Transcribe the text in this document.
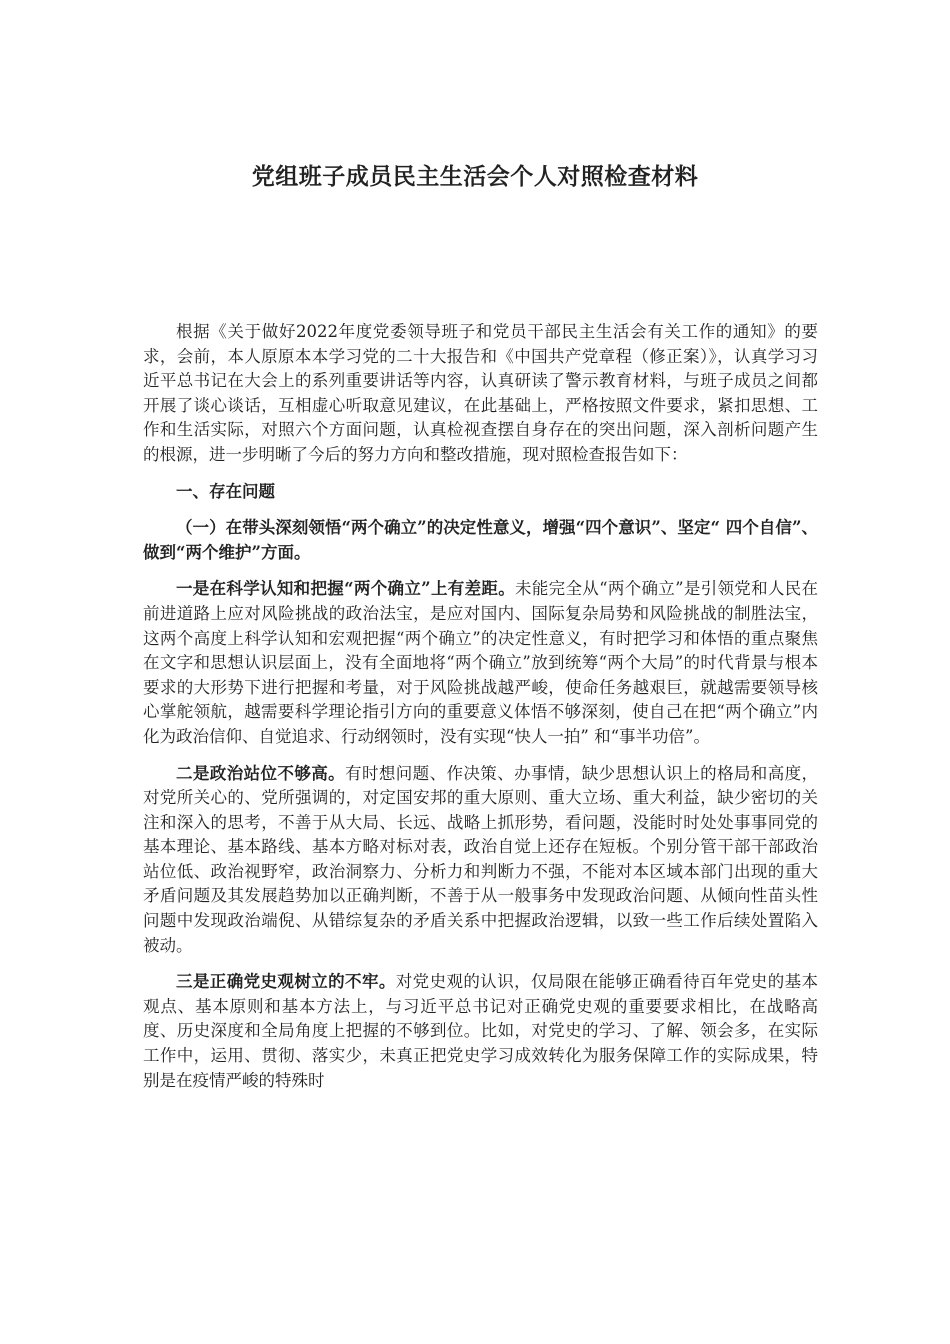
党组班子成员民主生活会个人对照检查材料

根据《关于做好2022年度党委领导班子和党员干部民主生活会有关工作的通知》的要求，会前，本人原原本本学习党的二十大报告和《中国共产党章程（修正案）》，认真学习习近平总书记在大会上的系列重要讲话等内容，认真研读了警示教育材料，与班子成员之间都开展了谈心谈话，互相虚心听取意见建议，在此基础上，严格按照文件要求，紧扣思想、工作和生活实际，对照六个方面问题，认真检视查摆自身存在的突出问题，深入剖析问题产生的根源，进一步明晰了今后的努力方向和整改措施，现对照检查报告如下：

一、存在问题

（一）在带头深刻领悟“两个确立”的决定性意义，增强“四个意识”、坚定“ 四个自信”、做到“两个维护”方面。

一是在科学认知和把握“两个确立”上有差距。未能完全从“两个确立”是引领党和人民在前进道路上应对风险挑战的政治法宝，是应对国内、国际复杂局势和风险挑战的制胜法宝，这两个高度上科学认知和宏观把握“两个确立”的决定性意义，有时把学习和体悟的重点聚焦在文字和思想认识层面上，没有全面地将“两个确立”放到统筹“两个大局”的时代背景与根本要求的大形势下进行把握和考量，对于风险挑战越严峻，使命任务越艰巨，就越需要领导核心掌舵领航，越需要科学理论指引方向的重要意义体悟不够深刻，使自己在把“两个确立”内化为政治信仰、自觉追求、行动纲领时，没有实现“快人一拍” 和“事半功倍”。

二是政治站位不够高。有时想问题、作决策、办事情，缺少思想认识上的格局和高度，对党所关心的、党所强调的，对定国安邦的重大原则、重大立场、重大利益，缺少密切的关注和深入的思考，不善于从大局、长远、战略上抓形势，看问题，没能时时处处事事同党的基本理论、基本路线、基本方略对标对表，政治自觉上还存在短板。个别分管干部干部政治站位低、政治视野窄，政治洞察力、分析力和判断力不强，不能对本区域本部门出现的重大矛盾问题及其发展趋势加以正确判断，不善于从一般事务中发现政治问题、从倾向性苗头性问题中发现政治端倪、从错综复杂的矛盾关系中把握政治逻辑，以致一些工作后续处置陷入被动。

三是正确党史观树立的不牢。对党史观的认识，仅局限在能够正确看待百年党史的基本观点、基本原则和基本方法上，与习近平总书记对正确党史观的重要要求相比，在战略高度、历史深度和全局角度上把握的不够到位。比如，对党史的学习、了解、领会多，在实际工作中，运用、贯彻、落实少，未真正把党史学习成效转化为服务保障工作的实际成果，特别是在疫情严峻的特殊时
